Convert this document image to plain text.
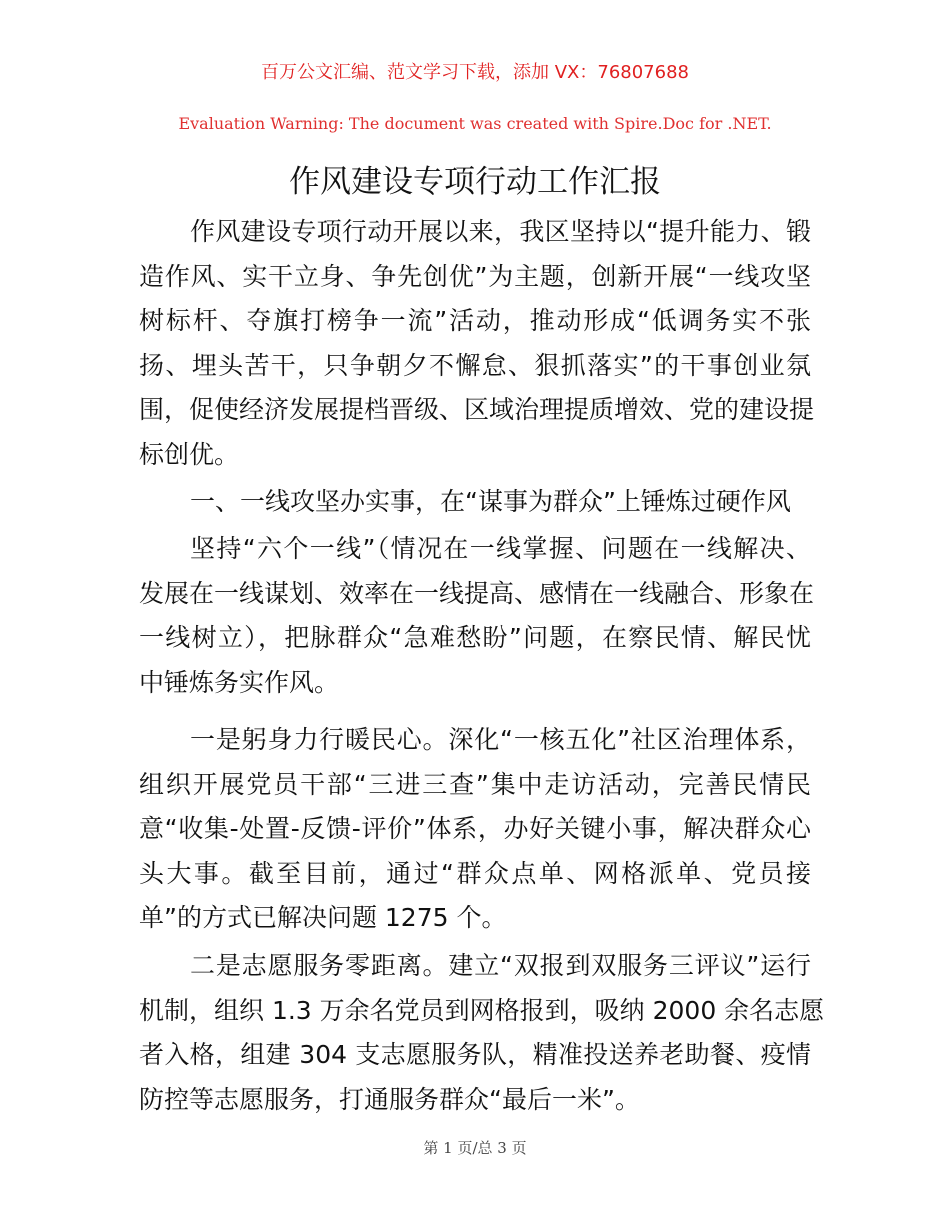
百万公文汇编、范文学习下载，添加 VX：76807688
Evaluation Warning: The document was created with Spire.Doc for .NET.
作风建设专项行动工作汇报
作风建设专项行动开展以来，我区坚持以“提升能力、锻
造作风、实干立身、争先创优”为主题，创新开展“一线攻坚
树标杆、夺旗打榜争一流”活动，推动形成“低调务实不张
扬、埋头苦干，只争朝夕不懈怠、狠抓落实”的干事创业氛
围，促使经济发展提档晋级、区域治理提质增效、党的建设提
标创优。
一、一线攻坚办实事，在“谋事为群众”上锤炼过硬作风
坚持“六个一线”（情况在一线掌握、问题在一线解决、
发展在一线谋划、效率在一线提高、感情在一线融合、形象在
一线树立），把脉群众“急难愁盼”问题，在察民情、解民忧
中锤炼务实作风。
一是躬身力行暖民心。深化“一核五化”社区治理体系，
组织开展党员干部“三进三查”集中走访活动，完善民情民
意“收集-处置-反馈-评价”体系，办好关键小事，解决群众心
头大事。截至目前，通过“群众点单、网格派单、党员接
单”的方式已解决问题 1275 个。
二是志愿服务零距离。建立“双报到双服务三评议”运行
机制，组织 1.3 万余名党员到网格报到，吸纳 2000 余名志愿
者入格，组建 304 支志愿服务队，精准投送养老助餐、疫情
防控等志愿服务，打通服务群众“最后一米”。
第 1 页/总 3 页
